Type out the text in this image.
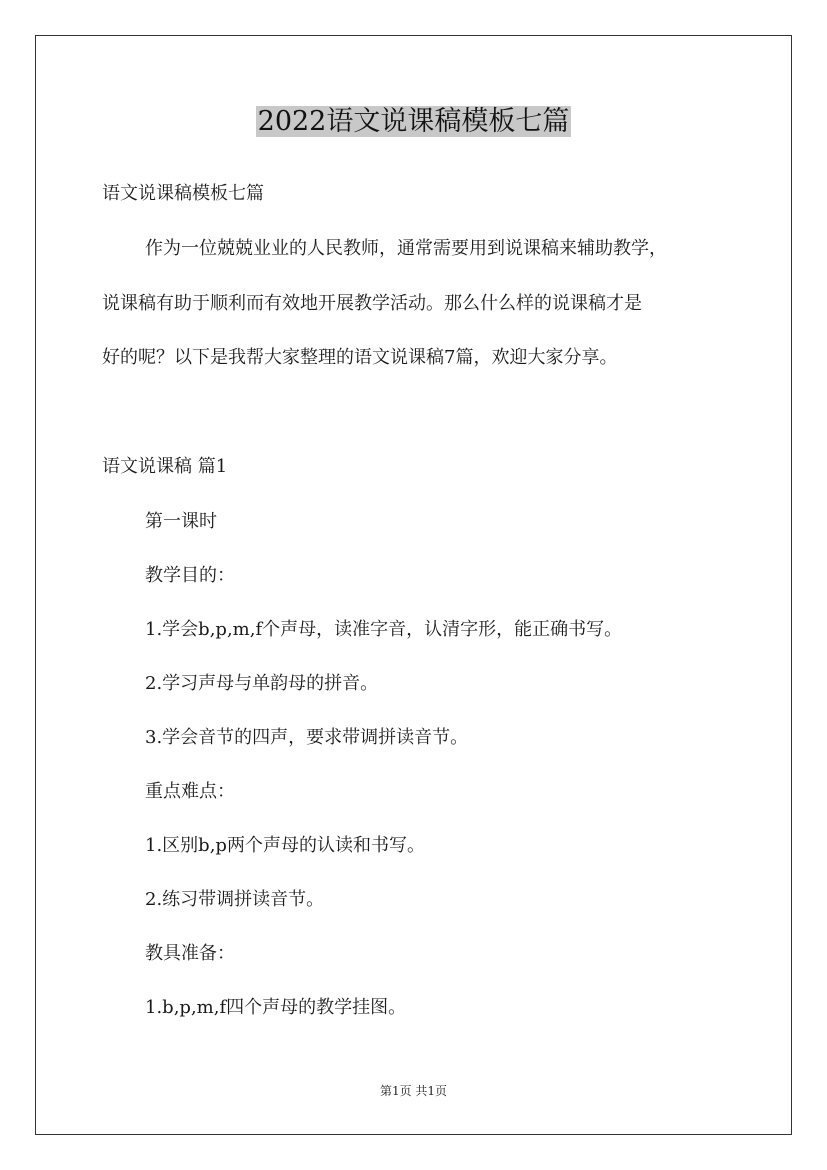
2022语文说课稿模板七篇
语文说课稿模板七篇
作为一位兢兢业业的人民教师，通常需要用到说课稿来辅助教学，
说课稿有助于顺利而有效地开展教学活动。那么什么样的说课稿才是
好的呢？以下是我帮大家整理的语文说课稿7篇，欢迎大家分享。
语文说课稿 篇1
第一课时
教学目的：
1.学会b,p,m,f个声母，读准字音，认清字形，能正确书写。
2.学习声母与单韵母的拼音。
3.学会音节的四声，要求带调拼读音节。
重点难点：
1.区别b,p两个声母的认读和书写。
2.练习带调拼读音节。
教具准备：
1.b,p,m,f四个声母的教学挂图。
第1页 共1页
